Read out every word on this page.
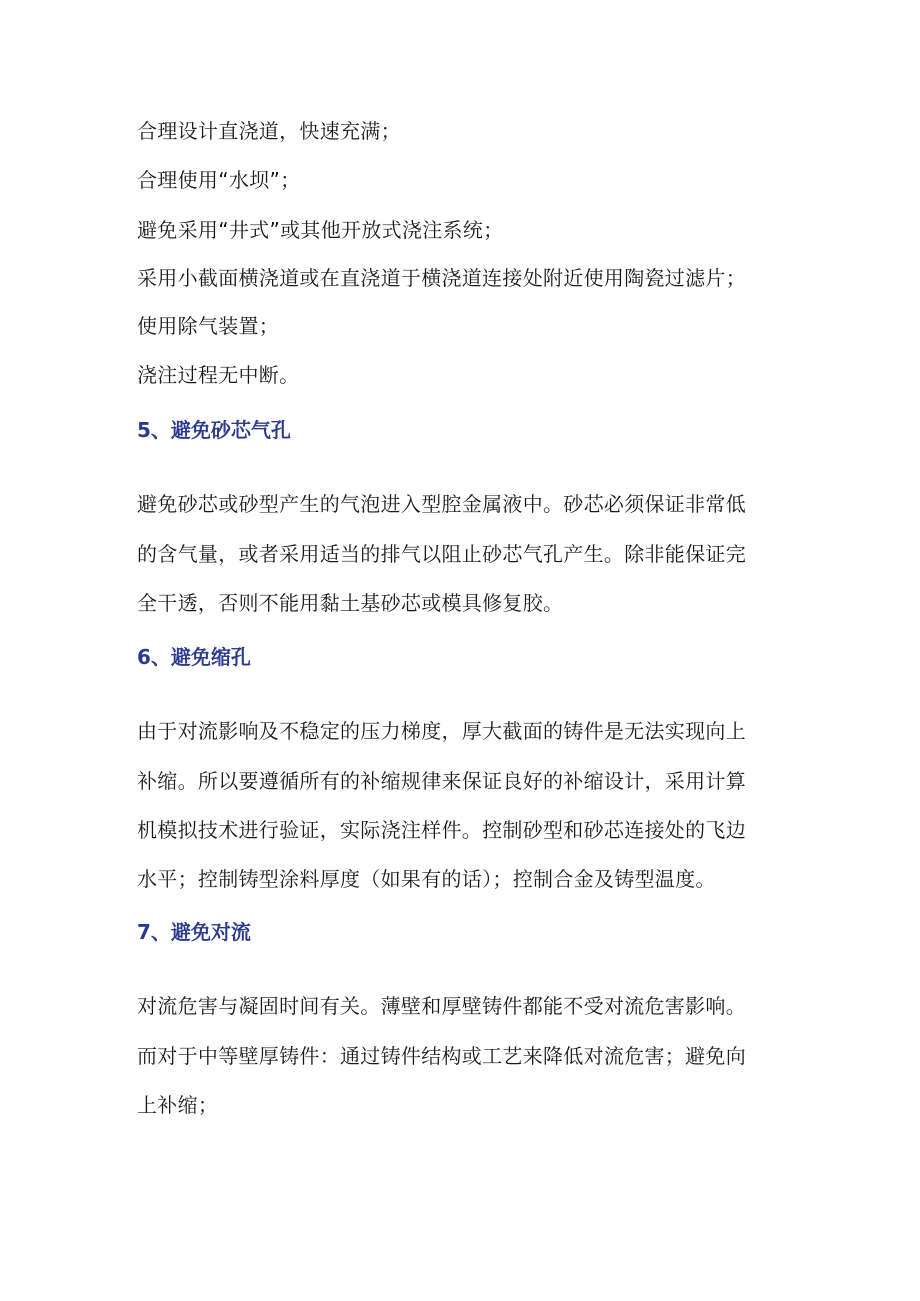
合理设计直浇道，快速充满；
合理使用“水坝”；
避免采用“井式”或其他开放式浇注系统；
采用小截面横浇道或在直浇道于横浇道连接处附近使用陶瓷过滤片；
使用除气装置；
浇注过程无中断。
5、避免砂芯气孔
避免砂芯或砂型产生的气泡进入型腔金属液中。砂芯必须保证非常低
的含气量，或者采用适当的排气以阻止砂芯气孔产生。除非能保证完
全干透，否则不能用黏土基砂芯或模具修复胶。
6、避免缩孔
由于对流影响及不稳定的压力梯度，厚大截面的铸件是无法实现向上
补缩。所以要遵循所有的补缩规律来保证良好的补缩设计，采用计算
机模拟技术进行验证，实际浇注样件。控制砂型和砂芯连接处的飞边
水平；控制铸型涂料厚度（如果有的话）；控制合金及铸型温度。
7、避免对流
对流危害与凝固时间有关。薄壁和厚壁铸件都能不受对流危害影响。
而对于中等壁厚铸件：通过铸件结构或工艺来降低对流危害；避免向
上补缩；
